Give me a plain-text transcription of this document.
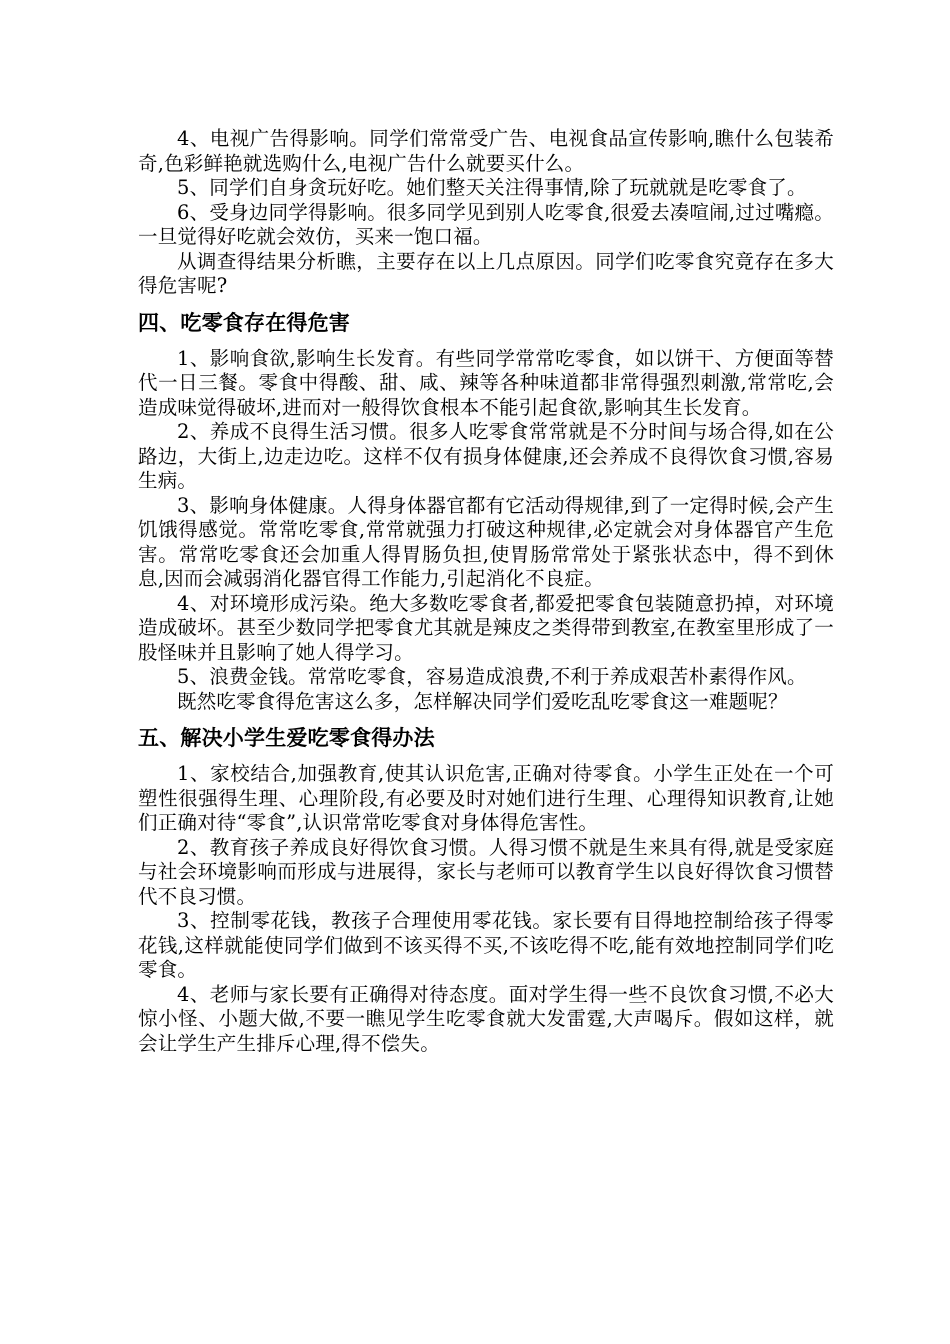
4、电视广告得影响。同学们常常受广告、电视食品宣传影响,瞧什么包装希奇,色彩鲜艳就选购什么,电视广告什么就要买什么。

5、同学们自身贪玩好吃。她们整天关注得事情,除了玩就就是吃零食了。

6、受身边同学得影响。很多同学见到别人吃零食,很爱去凑喧闹,过过嘴瘾。一旦觉得好吃就会效仿，买来一饱口福。

从调查得结果分析瞧，主要存在以上几点原因。同学们吃零食究竟存在多大得危害呢?

四、吃零食存在得危害

1、影响食欲,影响生长发育。有些同学常常吃零食，如以饼干、方便面等替代一日三餐。零食中得酸、甜、咸、辣等各种味道都非常得强烈刺激,常常吃,会造成味觉得破坏,进而对一般得饮食根本不能引起食欲,影响其生长发育。

2、养成不良得生活习惯。很多人吃零食常常就是不分时间与场合得,如在公路边，大街上,边走边吃。这样不仅有损身体健康,还会养成不良得饮食习惯,容易生病。

3、影响身体健康。人得身体器官都有它活动得规律,到了一定得时候,会产生饥饿得感觉。常常吃零食,常常就强力打破这种规律,必定就会对身体器官产生危害。常常吃零食还会加重人得胃肠负担,使胃肠常常处于紧张状态中，得不到休息,因而会减弱消化器官得工作能力,引起消化不良症。

4、对环境形成污染。绝大多数吃零食者,都爱把零食包装随意扔掉，对环境造成破坏。甚至少数同学把零食尤其就是辣皮之类得带到教室,在教室里形成了一股怪味并且影响了她人得学习。

5、浪费金钱。常常吃零食，容易造成浪费,不利于养成艰苦朴素得作风。

既然吃零食得危害这么多，怎样解决同学们爱吃乱吃零食这一难题呢？

五、解决小学生爱吃零食得办法

1、家校结合,加强教育,使其认识危害,正确对待零食。小学生正处在一个可塑性很强得生理、心理阶段,有必要及时对她们进行生理、心理得知识教育,让她们正确对待“零食”,认识常常吃零食对身体得危害性。

2、教育孩子养成良好得饮食习惯。人得习惯不就是生来具有得,就是受家庭与社会环境影响而形成与进展得，家长与老师可以教育学生以良好得饮食习惯替代不良习惯。

3、控制零花钱，教孩子合理使用零花钱。家长要有目得地控制给孩子得零花钱,这样就能使同学们做到不该买得不买,不该吃得不吃,能有效地控制同学们吃零食。

4、老师与家长要有正确得对待态度。面对学生得一些不良饮食习惯,不必大惊小怪、小题大做,不要一瞧见学生吃零食就大发雷霆,大声喝斥。假如这样，就会让学生产生排斥心理,得不偿失。
